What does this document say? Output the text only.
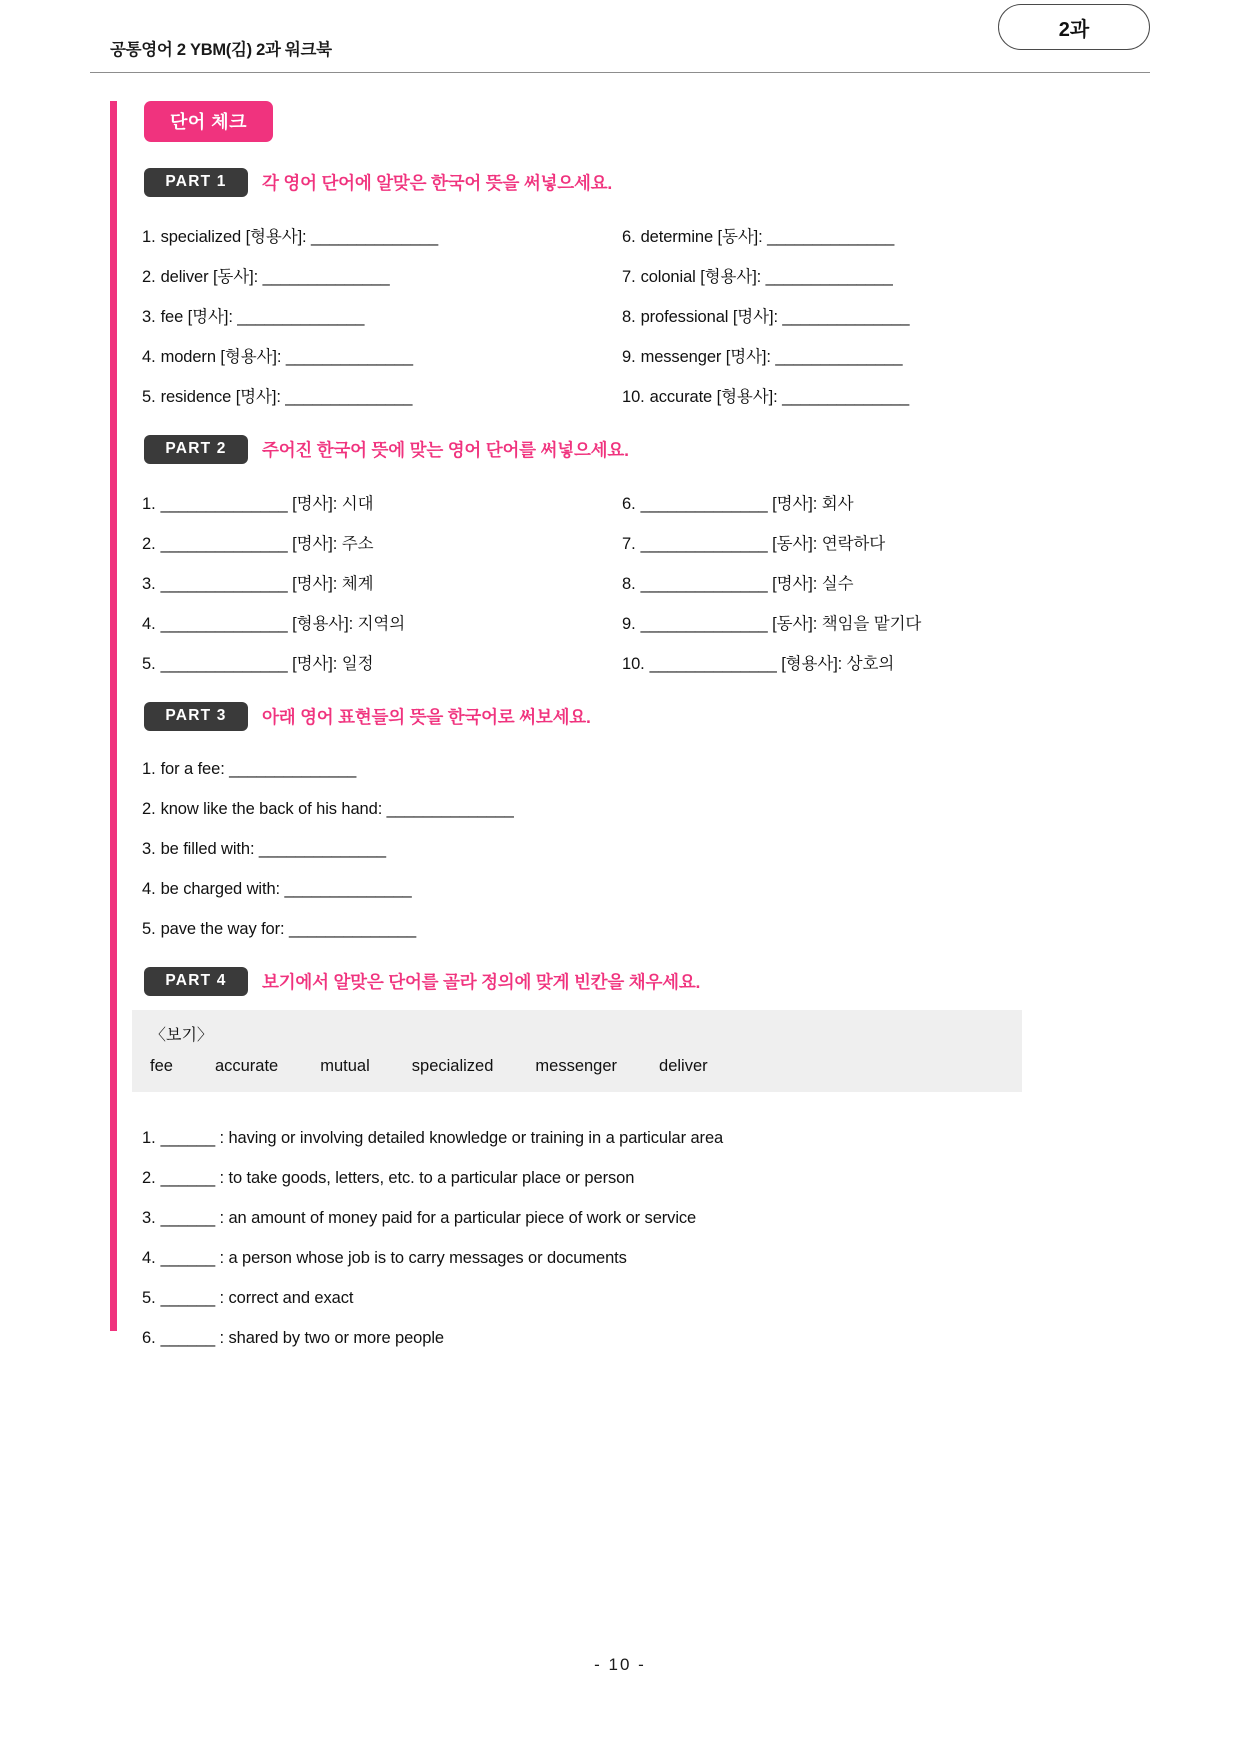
공통영어 2 YBM(김) 2과 워크북
2과
단어 체크
PART 1	각 영어 단어에 알맞은 한국어 뜻을 써넣으세요.
1. specialized [형용사]: ______________	6. determine [동사]: ______________
2. deliver [동사]: ______________	7. colonial [형용사]: ______________
3. fee [명사]: ______________	8. professional [명사]: ______________
4. modern [형용사]: ______________	9. messenger [명사]: ______________
5. residence [명사]: ______________	10. accurate [형용사]: ______________
PART 2	주어진 한국어 뜻에 맞는 영어 단어를 써넣으세요.
1. ______________ [명사]: 시대	6. ______________ [명사]: 회사
2. ______________ [명사]: 주소	7. ______________ [동사]: 연락하다
3. ______________ [명사]: 체계	8. ______________ [명사]: 실수
4. ______________ [형용사]: 지역의	9. ______________ [동사]: 책임을 맡기다
5. ______________ [명사]: 일정	10. ______________ [형용사]: 상호의
PART 3	아래 영어 표현들의 뜻을 한국어로 써보세요.
1. for a fee: ______________
2. know like the back of his hand: ______________
3. be filled with: ______________
4. be charged with: ______________
5. pave the way for: ______________
PART 4	보기에서 알맞은 단어를 골라 정의에 맞게 빈칸을 채우세요.
〈보기〉
fee	accurate	mutual	specialized	messenger	deliver
1. ______ : having or involving detailed knowledge or training in a particular area
2. ______ : to take goods, letters, etc. to a particular place or person
3. ______ : an amount of money paid for a particular piece of work or service
4. ______ : a person whose job is to carry messages or documents
5. ______ : correct and exact
6. ______ : shared by two or more people
- 10 -
